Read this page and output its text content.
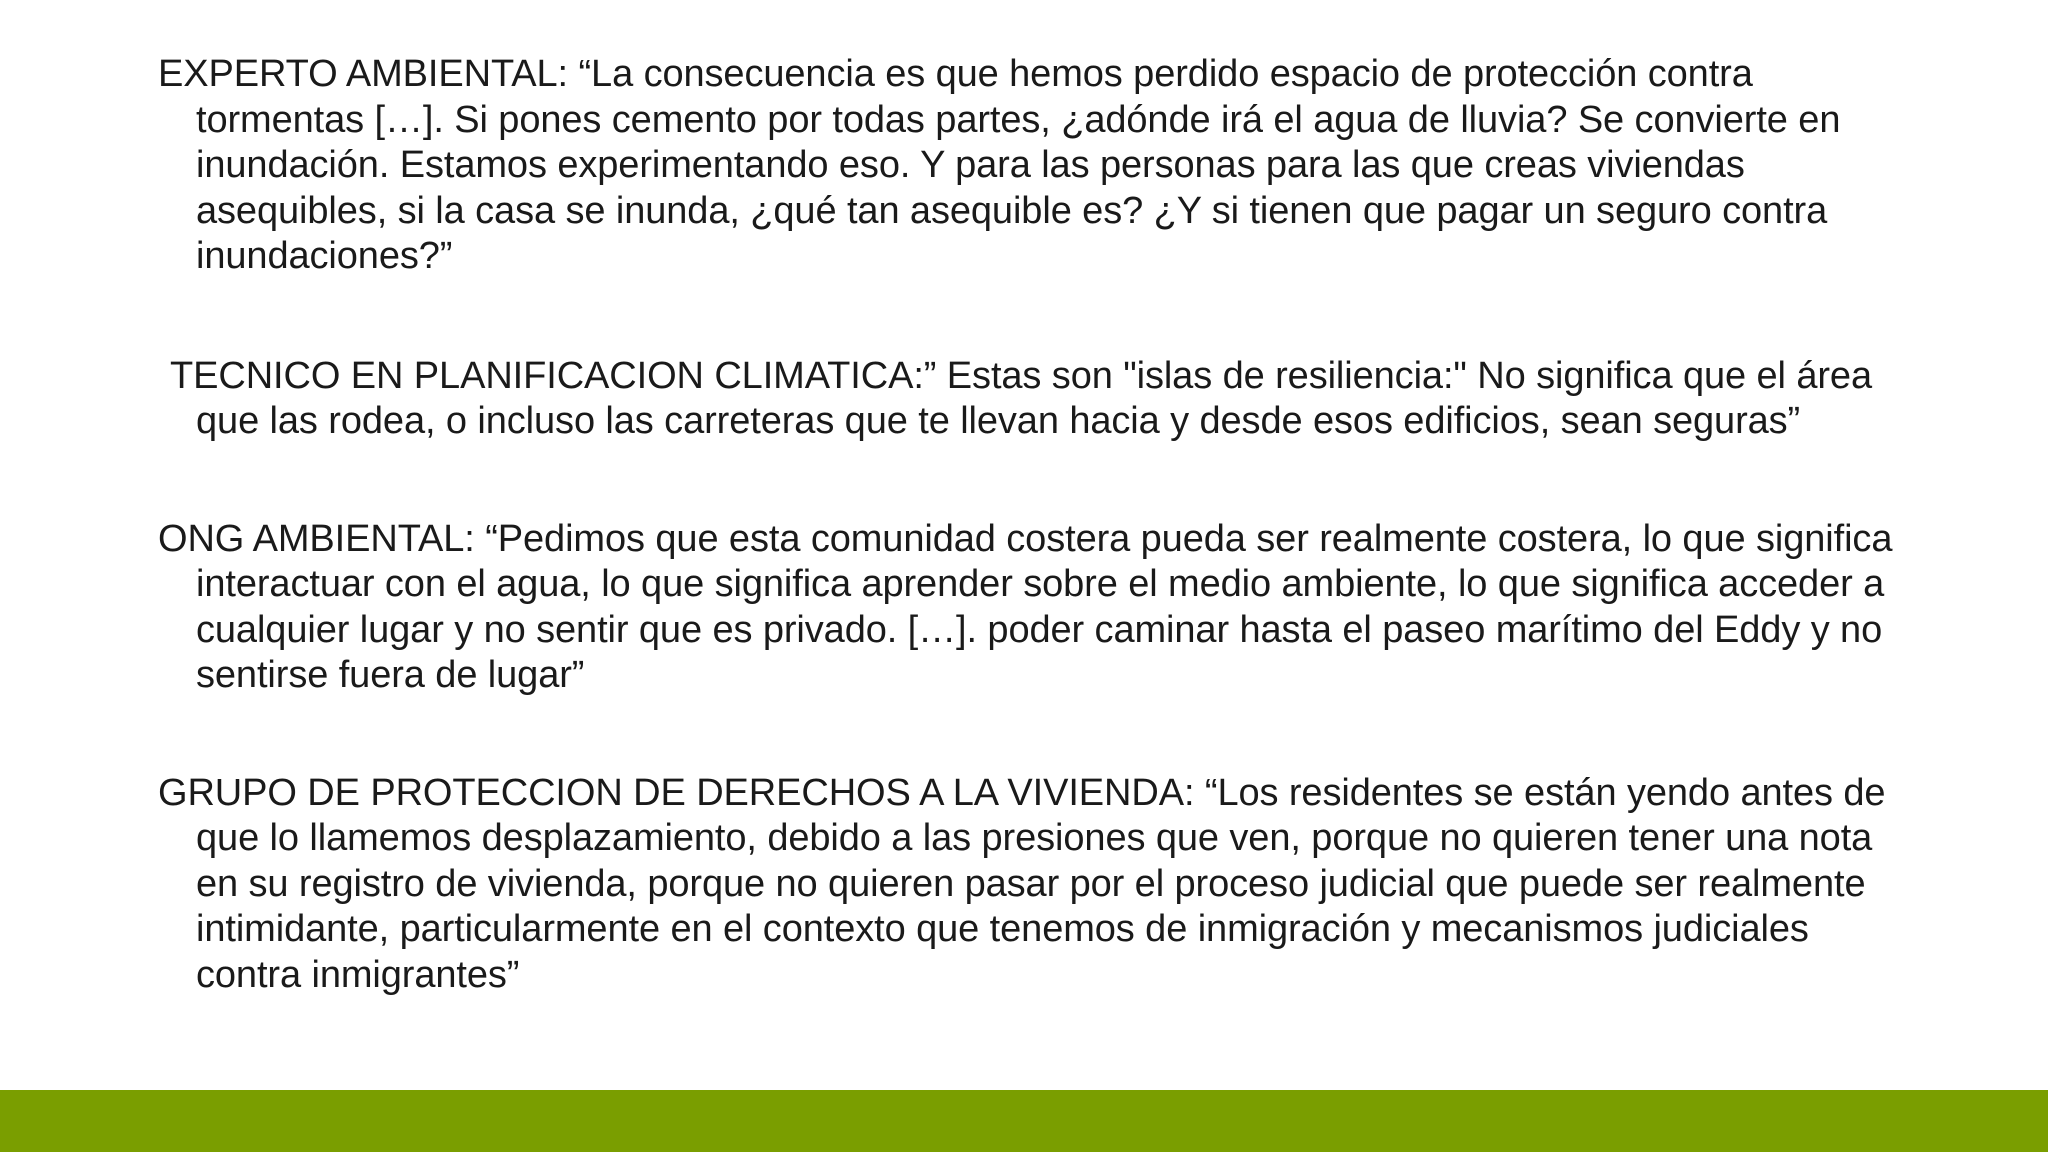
EXPERTO AMBIENTAL: “La consecuencia es que hemos perdido espacio de protección contra tormentas […]. Si pones cemento por todas partes, ¿adónde irá el agua de lluvia? Se convierte en inundación. Estamos experimentando eso. Y para las personas para las que creas viviendas asequibles, si la casa se inunda, ¿qué tan asequible es? ¿Y si tienen que pagar un seguro contra inundaciones?”

TECNICO EN PLANIFICACION CLIMATICA:” Estas son "islas de resiliencia:" No significa que el área que las rodea, o incluso las carreteras que te llevan hacia y desde esos edificios, sean seguras”

ONG AMBIENTAL: “Pedimos que esta comunidad costera pueda ser realmente costera, lo que significa interactuar con el agua, lo que significa aprender sobre el medio ambiente, lo que significa acceder a cualquier lugar y no sentir que es privado. […]. poder caminar hasta el paseo marítimo del Eddy y no sentirse fuera de lugar”

GRUPO DE PROTECCION DE DERECHOS A LA VIVIENDA: “Los residentes se están yendo antes de que lo llamemos desplazamiento, debido a las presiones que ven, porque no quieren tener una nota en su registro de vivienda, porque no quieren pasar por el proceso judicial que puede ser realmente intimidante, particularmente en el contexto que tenemos de inmigración y mecanismos judiciales contra inmigrantes”
